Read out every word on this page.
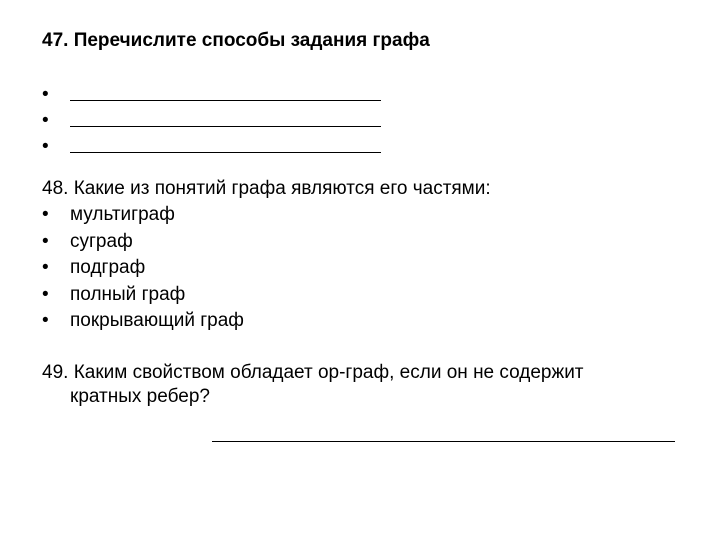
47. Перечислите способы задания графа
•
•
•
48. Какие из понятий графа являются его частями:
• мультиграф
• суграф
• подграф
• полный граф
• покрывающий граф
49. Каким свойством обладает ор-граф, если он не содержит
кратных ребер?
